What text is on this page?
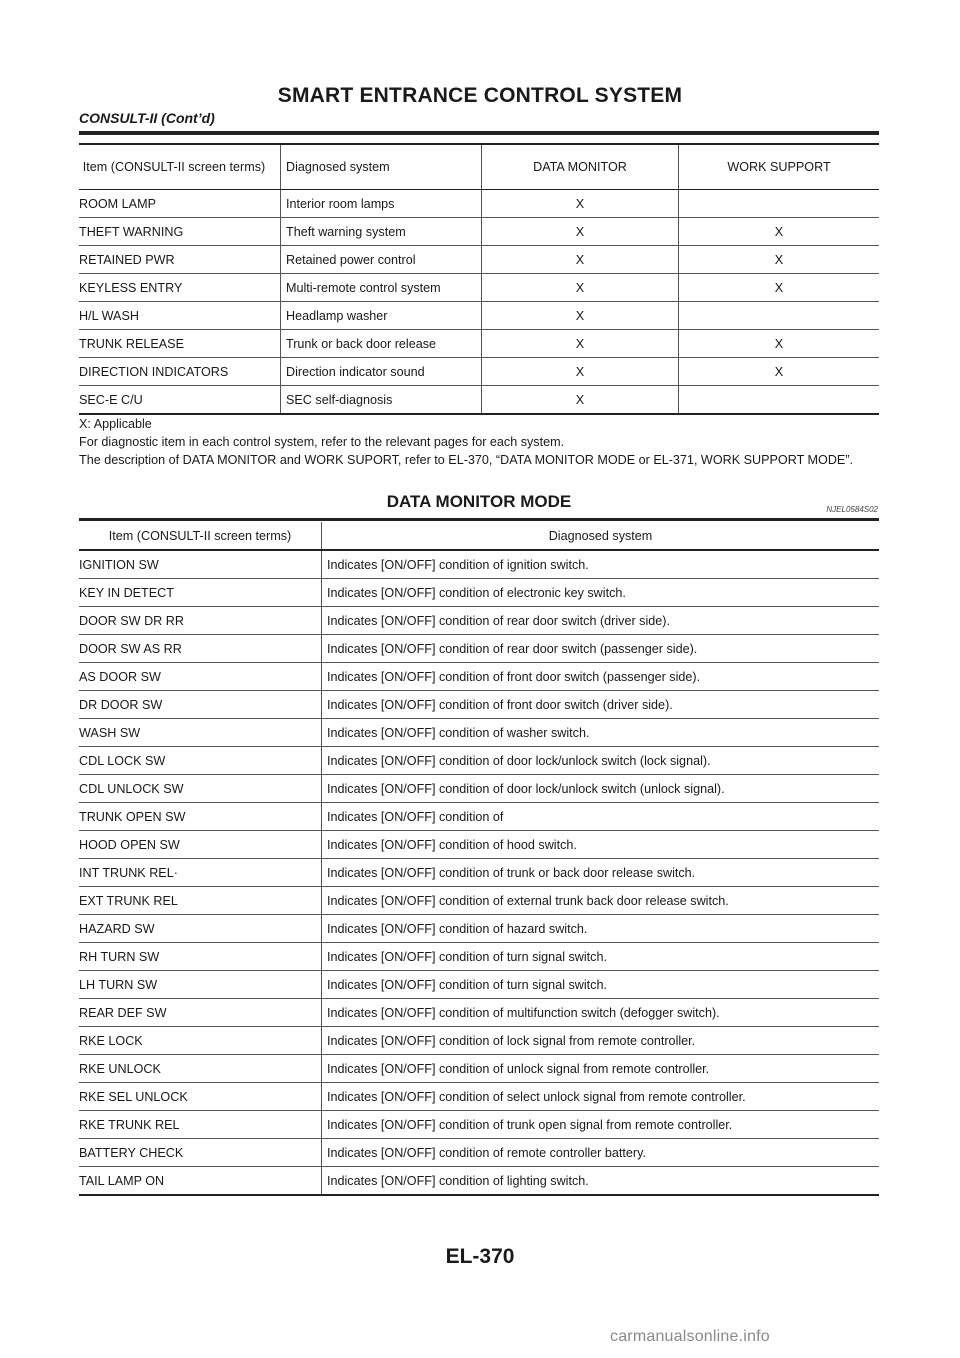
SMART ENTRANCE CONTROL SYSTEM
CONSULT-II (Cont’d)
Item (CONSULT-II screen terms)	Diagnosed system	DATA MONITOR	WORK SUPPORT

ROOM LAMP	Interior room lamps	X	

THEFT WARNING	Theft warning system	X	X

RETAINED PWR	Retained power control	X	X

KEYLESS ENTRY	Multi-remote control system	X	X

H/L WASH	Headlamp washer	X	

TRUNK RELEASE	Trunk or back door release	X	X

DIRECTION INDICATORS	Direction indicator sound	X	X

SEC-E C/U	SEC self-diagnosis	X	

X: Applicable

For diagnostic item in each control system, refer to the relevant pages for each system.

The description of DATA MONITOR and WORK SUPORT, refer to EL-370, “DATA MONITOR MODE or EL-371, WORK SUPPORT MODE”.

DATA MONITOR MODE	NJEL0584S02
Item (CONSULT-II screen terms)	Diagnosed system
IGNITION SW	Indicates [ON/OFF] condition of ignition switch.
KEY IN DETECT	Indicates [ON/OFF] condition of electronic key switch.
DOOR SW DR RR	Indicates [ON/OFF] condition of rear door switch (driver side).
DOOR SW AS RR	Indicates [ON/OFF] condition of rear door switch (passenger side).
AS DOOR SW	Indicates [ON/OFF] condition of front door switch (passenger side).
DR DOOR SW	Indicates [ON/OFF] condition of front door switch (driver side).
WASH SW	Indicates [ON/OFF] condition of washer switch.
CDL LOCK SW	Indicates [ON/OFF] condition of door lock/unlock switch (lock signal).
CDL UNLOCK SW	Indicates [ON/OFF] condition of door lock/unlock switch (unlock signal).
TRUNK OPEN SW	Indicates [ON/OFF] condition of
HOOD OPEN SW	Indicates [ON/OFF] condition of hood switch.
INT TRUNK REL·	Indicates [ON/OFF] condition of trunk or back door release switch.
EXT TRUNK REL	Indicates [ON/OFF] condition of external trunk back door release switch.
HAZARD SW	Indicates [ON/OFF] condition of hazard switch.
RH TURN SW	Indicates [ON/OFF] condition of turn signal switch.
LH TURN SW	Indicates [ON/OFF] condition of turn signal switch.
REAR DEF SW	Indicates [ON/OFF] condition of multifunction switch (defogger switch).
RKE LOCK	Indicates [ON/OFF] condition of lock signal from remote controller.
RKE UNLOCK	Indicates [ON/OFF] condition of unlock signal from remote controller.
RKE SEL UNLOCK	Indicates [ON/OFF] condition of select unlock signal from remote controller.
RKE TRUNK REL	Indicates [ON/OFF] condition of trunk open signal from remote controller.
BATTERY CHECK	Indicates [ON/OFF] condition of remote controller battery.
TAIL LAMP ON	Indicates [ON/OFF] condition of lighting switch.
EL-370
carmanualsonline.info
